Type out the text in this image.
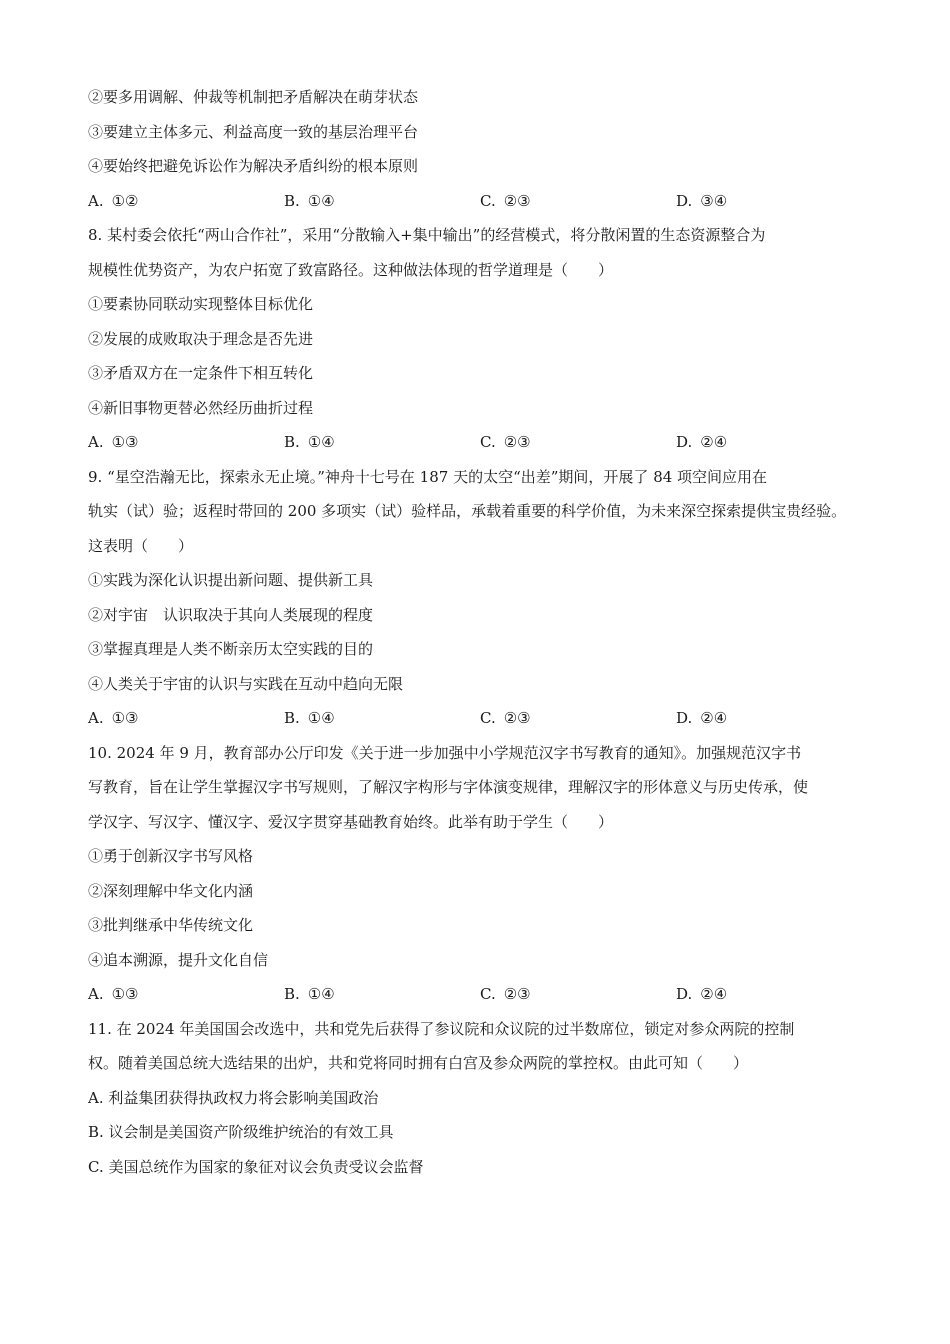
②要多用调解、仲裁等机制把矛盾解决在萌芽状态
③要建立主体多元、利益高度一致的基层治理平台
④要始终把避免诉讼作为解决矛盾纠纷的根本原则
A. ①②	B. ①④	C. ②③	D. ③④
8. 某村委会依托“两山合作社”，采用“分散输入+集中输出”的经营模式，将分散闲置的生态资源整合为
规模性优势资产，为农户拓宽了致富路径。这种做法体现的哲学道理是（　　）
①要素协同联动实现整体目标优化
②发展的成败取决于理念是否先进
③矛盾双方在一定条件下相互转化
④新旧事物更替必然经历曲折过程
A. ①③	B. ①④	C. ②③	D. ②④
9. “星空浩瀚无比，探索永无止境。”神舟十七号在 187 天的太空“出差”期间，开展了 84 项空间应用在
轨实（试）验；返程时带回的 200 多项实（试）验样品，承载着重要的科学价值，为未来深空探索提供宝贵经验。
这表明（　　）
①实践为深化认识提出新问题、提供新工具
②对宇宙　认识取决于其向人类展现的程度
③掌握真理是人类不断亲历太空实践的目的
④人类关于宇宙的认识与实践在互动中趋向无限
A. ①③	B. ①④	C. ②③	D. ②④
10. 2024 年 9 月，教育部办公厅印发《关于进一步加强中小学规范汉字书写教育的通知》。加强规范汉字书
写教育，旨在让学生掌握汉字书写规则，了解汉字构形与字体演变规律，理解汉字的形体意义与历史传承，使
学汉字、写汉字、懂汉字、爱汉字贯穿基础教育始终。此举有助于学生（　　）
①勇于创新汉字书写风格
②深刻理解中华文化内涵
③批判继承中华传统文化
④追本溯源，提升文化自信
A. ①③	B. ①④	C. ②③	D. ②④
11. 在 2024 年美国国会改选中，共和党先后获得了参议院和众议院的过半数席位，锁定对参众两院的控制
权。随着美国总统大选结果的出炉，共和党将同时拥有白宫及参众两院的掌控权。由此可知（　　）
A. 利益集团获得执政权力将会影响美国政治
B. 议会制是美国资产阶级维护统治的有效工具
C. 美国总统作为国家的象征对议会负责受议会监督
